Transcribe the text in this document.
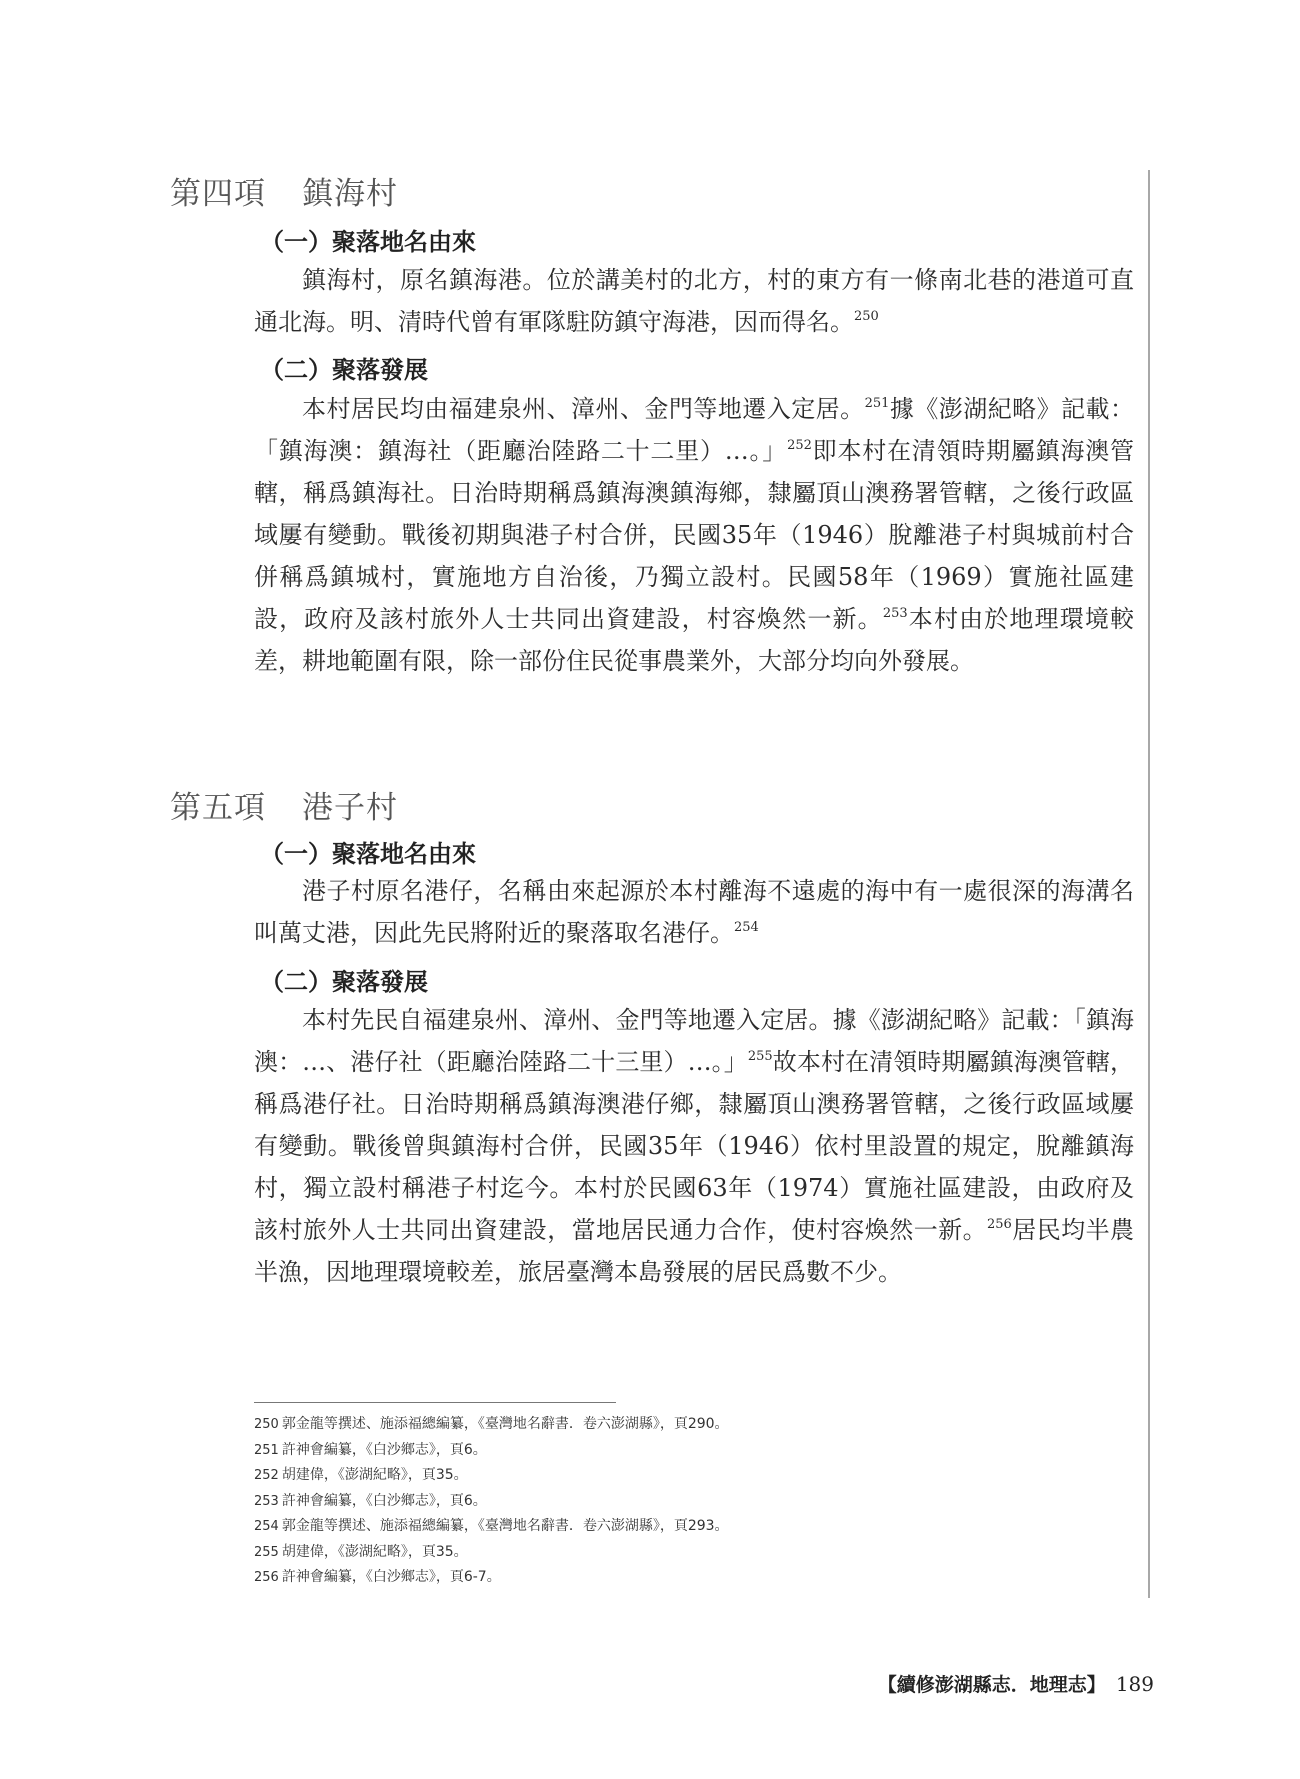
第四項 鎮海村
（一）聚落地名由來

鎮海村，原名鎮海港。位於講美村的北方，村的東方有一條南北巷的港道可直通北海。明、清時代曾有軍隊駐防鎮守海港，因而得名。$^{250}$

（二）聚落發展

本村居民均由福建泉州、漳州、金門等地遷入定居。$^{251}$據《澎湖紀略》記載：「鎮海澳：鎮海社（距廳治陸路二十二里）…。」$^{252}$即本村在清領時期屬鎮海澳管轄，稱爲鎮海社。日治時期稱爲鎮海澳鎮海鄉，隸屬頂山澳務署管轄，之後行政區域屢有變動。戰後初期與港子村合併，民國35年（1946）脫離港子村與城前村合併稱爲鎮城村，實施地方自治後，乃獨立設村。民國58年（1969）實施社區建設，政府及該村旅外人士共同出資建設，村容煥然一新。$^{253}$本村由於地理環境較差，耕地範圍有限，除一部份住民從事農業外，大部分均向外發展。

第五項 港子村
（一）聚落地名由來

港子村原名港仔，名稱由來起源於本村離海不遠處的海中有一處很深的海溝名叫萬丈港，因此先民將附近的聚落取名港仔。$^{254}$

（二）聚落發展

本村先民自福建泉州、漳州、金門等地遷入定居。據《澎湖紀略》記載：「鎮海澳：…、港仔社（距廳治陸路二十三里）…。」$^{255}$故本村在清領時期屬鎮海澳管轄，稱爲港仔社。日治時期稱爲鎮海澳港仔鄉，隸屬頂山澳務署管轄，之後行政區域屢有變動。戰後曾與鎮海村合併，民國35年（1946）依村里設置的規定，脫離鎮海村，獨立設村稱港子村迄今。本村於民國63年（1974）實施社區建設，由政府及該村旅外人士共同出資建設，當地居民通力合作，使村容煥然一新。$^{256}$居民均半農半漁，因地理環境較差，旅居臺灣本島發展的居民爲數不少。

250 郭金龍等撰述、施添福總編纂，《臺灣地名辭書．卷六澎湖縣》，頁290。
251 許神會編纂，《白沙鄉志》，頁6。
252 胡建偉，《澎湖紀略》，頁35。
253 許神會編纂，《白沙鄉志》，頁6。
254 郭金龍等撰述、施添福總編纂，《臺灣地名辭書．卷六澎湖縣》，頁293。
255 胡建偉，《澎湖紀略》，頁35。
256 許神會編纂，《白沙鄉志》，頁6-7。
【續修澎湖縣志．地理志】 189
